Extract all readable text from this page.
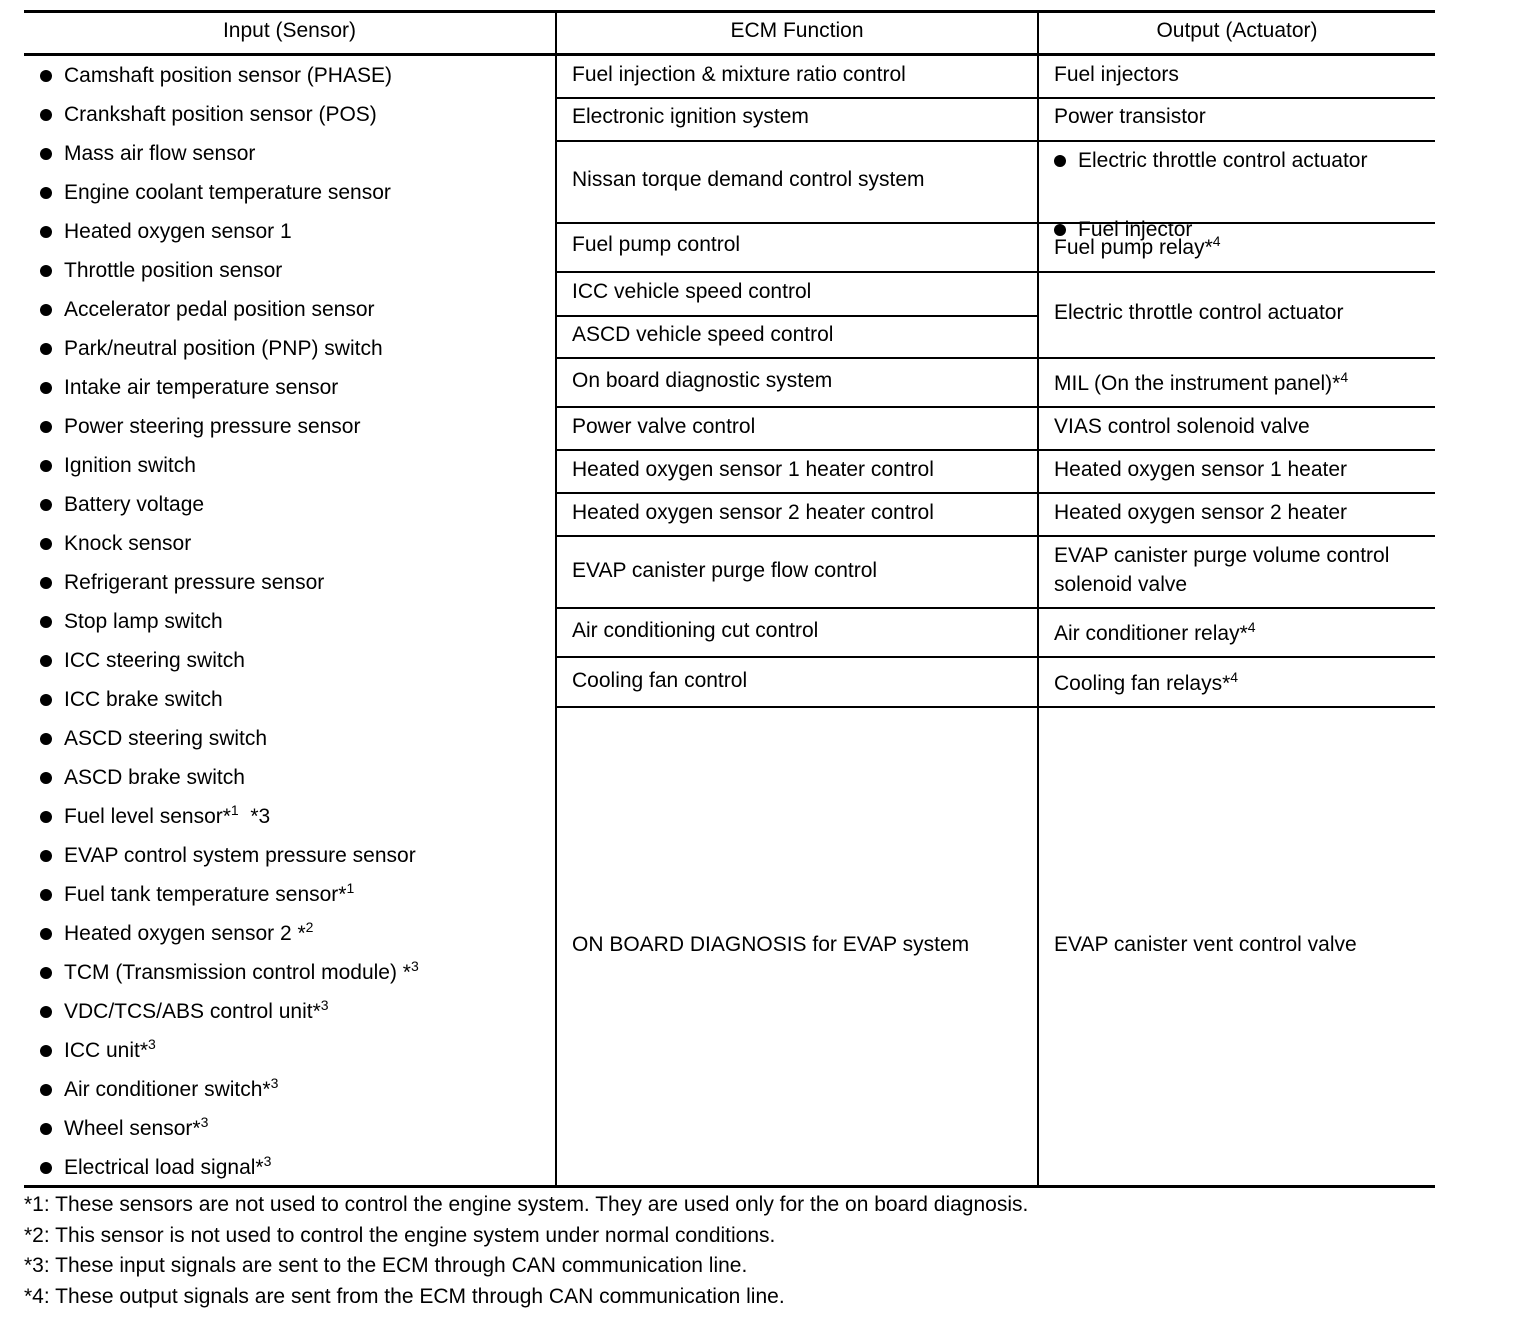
Input (Sensor)	ECM Function	Output (Actuator)
Camshaft position sensor (PHASE)
Crankshaft position sensor (POS)
Mass air flow sensor
Engine coolant temperature sensor
Heated oxygen sensor 1
Throttle position sensor
Accelerator pedal position sensor
Park/neutral position (PNP) switch
Intake air temperature sensor
Power steering pressure sensor
Ignition switch
Battery voltage
Knock sensor
Refrigerant pressure sensor
Stop lamp switch
ICC steering switch
ICC brake switch
ASCD steering switch
ASCD brake switch
Fuel level sensor*$^1$  *3
EVAP control system pressure sensor
Fuel tank temperature sensor*$^1$
Heated oxygen sensor 2 *$^2$
TCM (Transmission control module) *$^3$
VDC/TCS/ABS control unit*$^3$
ICC unit*$^3$
Air conditioner switch*$^3$
Wheel sensor*$^3$
Electrical load signal*$^3$
Fuel injection & mixture ratio control
Electronic ignition system
Nissan torque demand control system
Fuel pump control
ICC vehicle speed control
ASCD vehicle speed control
On board diagnostic system
Power valve control
Heated oxygen sensor 1 heater control
Heated oxygen sensor 2 heater control
EVAP canister purge flow control
Air conditioning cut control
Cooling fan control
ON BOARD DIAGNOSIS for EVAP system
Fuel injectors
Power transistor
Electric throttle control actuator
Fuel injector
Fuel pump relay*$^4$
Electric throttle control actuator
MIL (On the instrument panel)*$^4$
VIAS control solenoid valve
Heated oxygen sensor 1 heater
Heated oxygen sensor 2 heater
EVAP canister purge volume control
solenoid valve
Air conditioner relay*$^4$
Cooling fan relays*$^4$
EVAP canister vent control valve
*1: These sensors are not used to control the engine system. They are used only for the on board diagnosis.
*2: This sensor is not used to control the engine system under normal conditions.
*3: These input signals are sent to the ECM through CAN communication line.
*4: These output signals are sent from the ECM through CAN communication line.
